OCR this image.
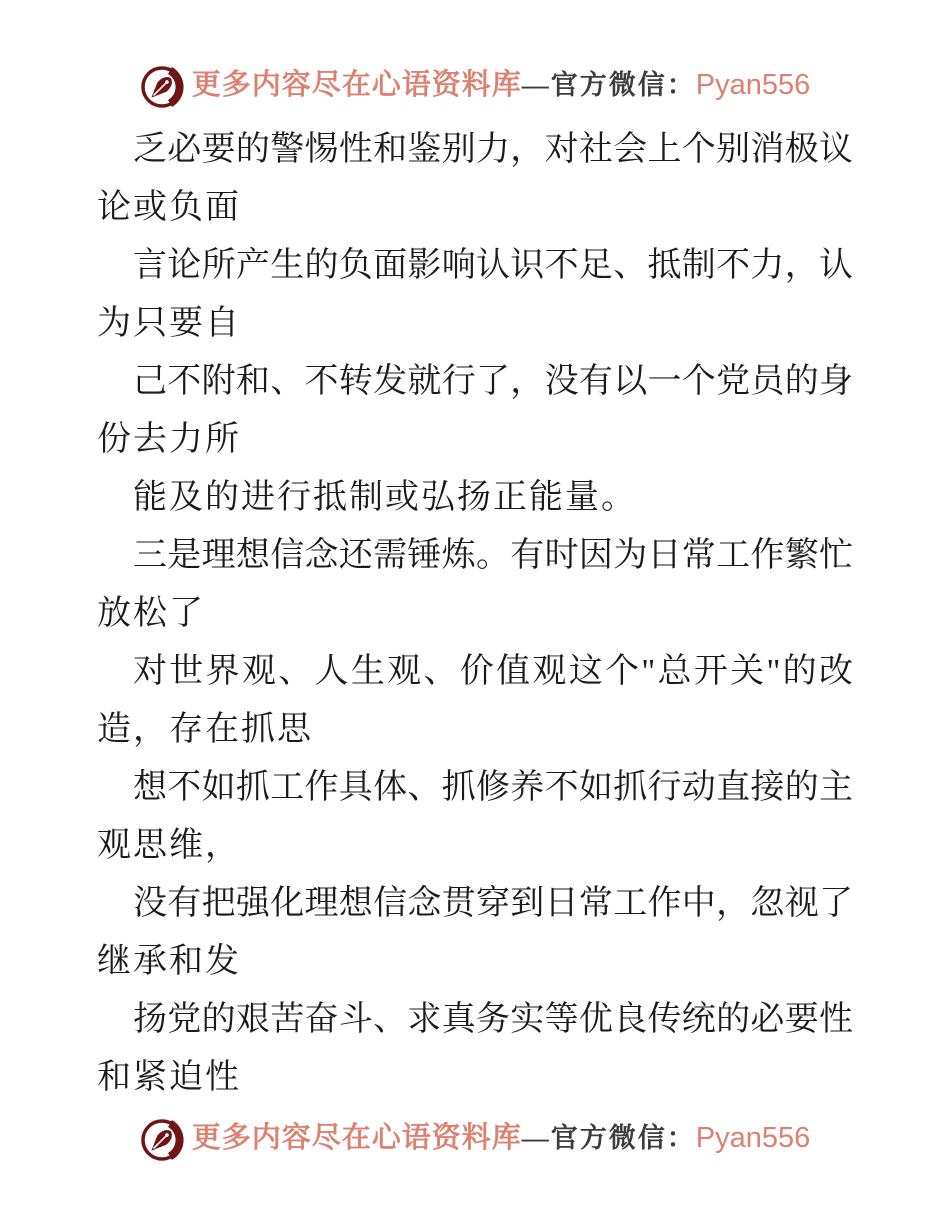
更多内容尽在心语资料库—官方微信：Pyan556

乏必要的警惕性和鉴别力，对社会上个别消极议
论或负面

言论所产生的负面影响认识不足、抵制不力，认
为只要自

己不附和、不转发就行了，没有以一个党员的身
份去力所

能及的进行抵制或弘扬正能量。

三是理想信念还需锤炼。有时因为日常工作繁忙
放松了

对世界观、人生观、价值观这个"总开关"的改
造，存在抓思

想不如抓工作具体、抓修养不如抓行动直接的主
观思维，

没有把强化理想信念贯穿到日常工作中，忽视了
继承和发

扬党的艰苦奋斗、求真务实等优良传统的必要性
和紧迫性

更多内容尽在心语资料库—官方微信：Pyan556
